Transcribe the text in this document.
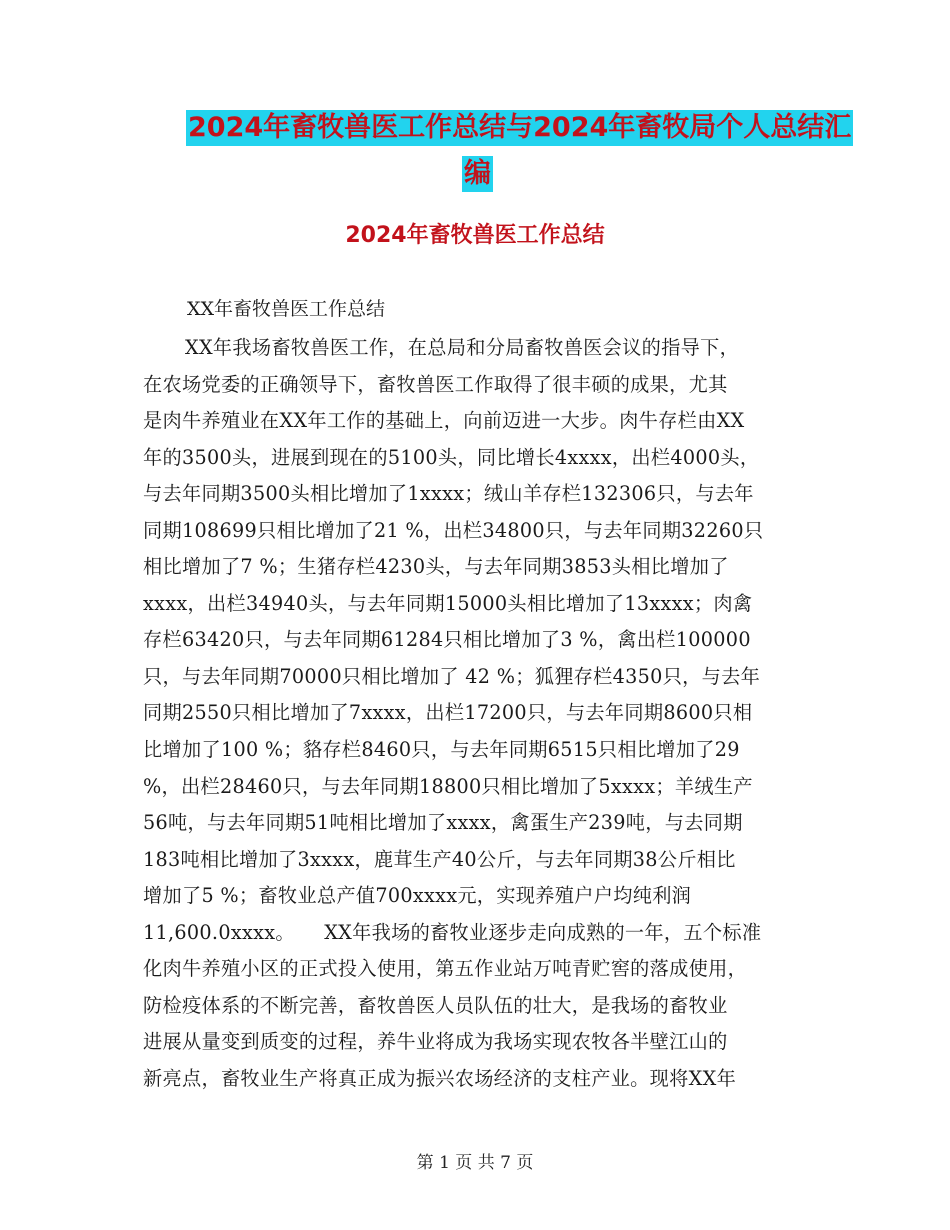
2024年畜牧兽医工作总结与2024年畜牧局个人总结汇
编
2024年畜牧兽医工作总结
XX年畜牧兽医工作总结
XX年我场畜牧兽医工作，在总局和分局畜牧兽医会议的指导下，
在农场党委的正确领导下，畜牧兽医工作取得了很丰硕的成果，尤其
是肉牛养殖业在XX年工作的基础上，向前迈进一大步。肉牛存栏由XX
年的3500头，进展到现在的5100头，同比增长4xxxx，出栏4000头，
与去年同期3500头相比增加了1xxxx；绒山羊存栏132306只，与去年
同期108699只相比增加了21 %，出栏34800只，与去年同期32260只
相比增加了7 %；生猪存栏4230头，与去年同期3853头相比增加了
xxxx，出栏34940头，与去年同期15000头相比增加了13xxxx；肉禽
存栏63420只，与去年同期61284只相比增加了3 %，禽出栏100000
只，与去年同期70000只相比增加了 42 %；狐狸存栏4350只，与去年
同期2550只相比增加了7xxxx，出栏17200只，与去年同期8600只相
比增加了100 %；貉存栏8460只，与去年同期6515只相比增加了29
%，出栏28460只，与去年同期18800只相比增加了5xxxx；羊绒生产
56吨，与去年同期51吨相比增加了xxxx，禽蛋生产239吨，与去同期
183吨相比增加了3xxxx，鹿茸生产40公斤，与去年同期38公斤相比
增加了5 %；畜牧业总产值700xxxx元，实现养殖户户均纯利润
11,600.0xxxx。　　XX年我场的畜牧业逐步走向成熟的一年，五个标准
化肉牛养殖小区的正式投入使用，第五作业站万吨青贮窖的落成使用，
防检疫体系的不断完善，畜牧兽医人员队伍的壮大，是我场的畜牧业
进展从量变到质变的过程，养牛业将成为我场实现农牧各半壁江山的
新亮点，畜牧业生产将真正成为振兴农场经济的支柱产业。现将XX年
第 1 页 共 7 页
